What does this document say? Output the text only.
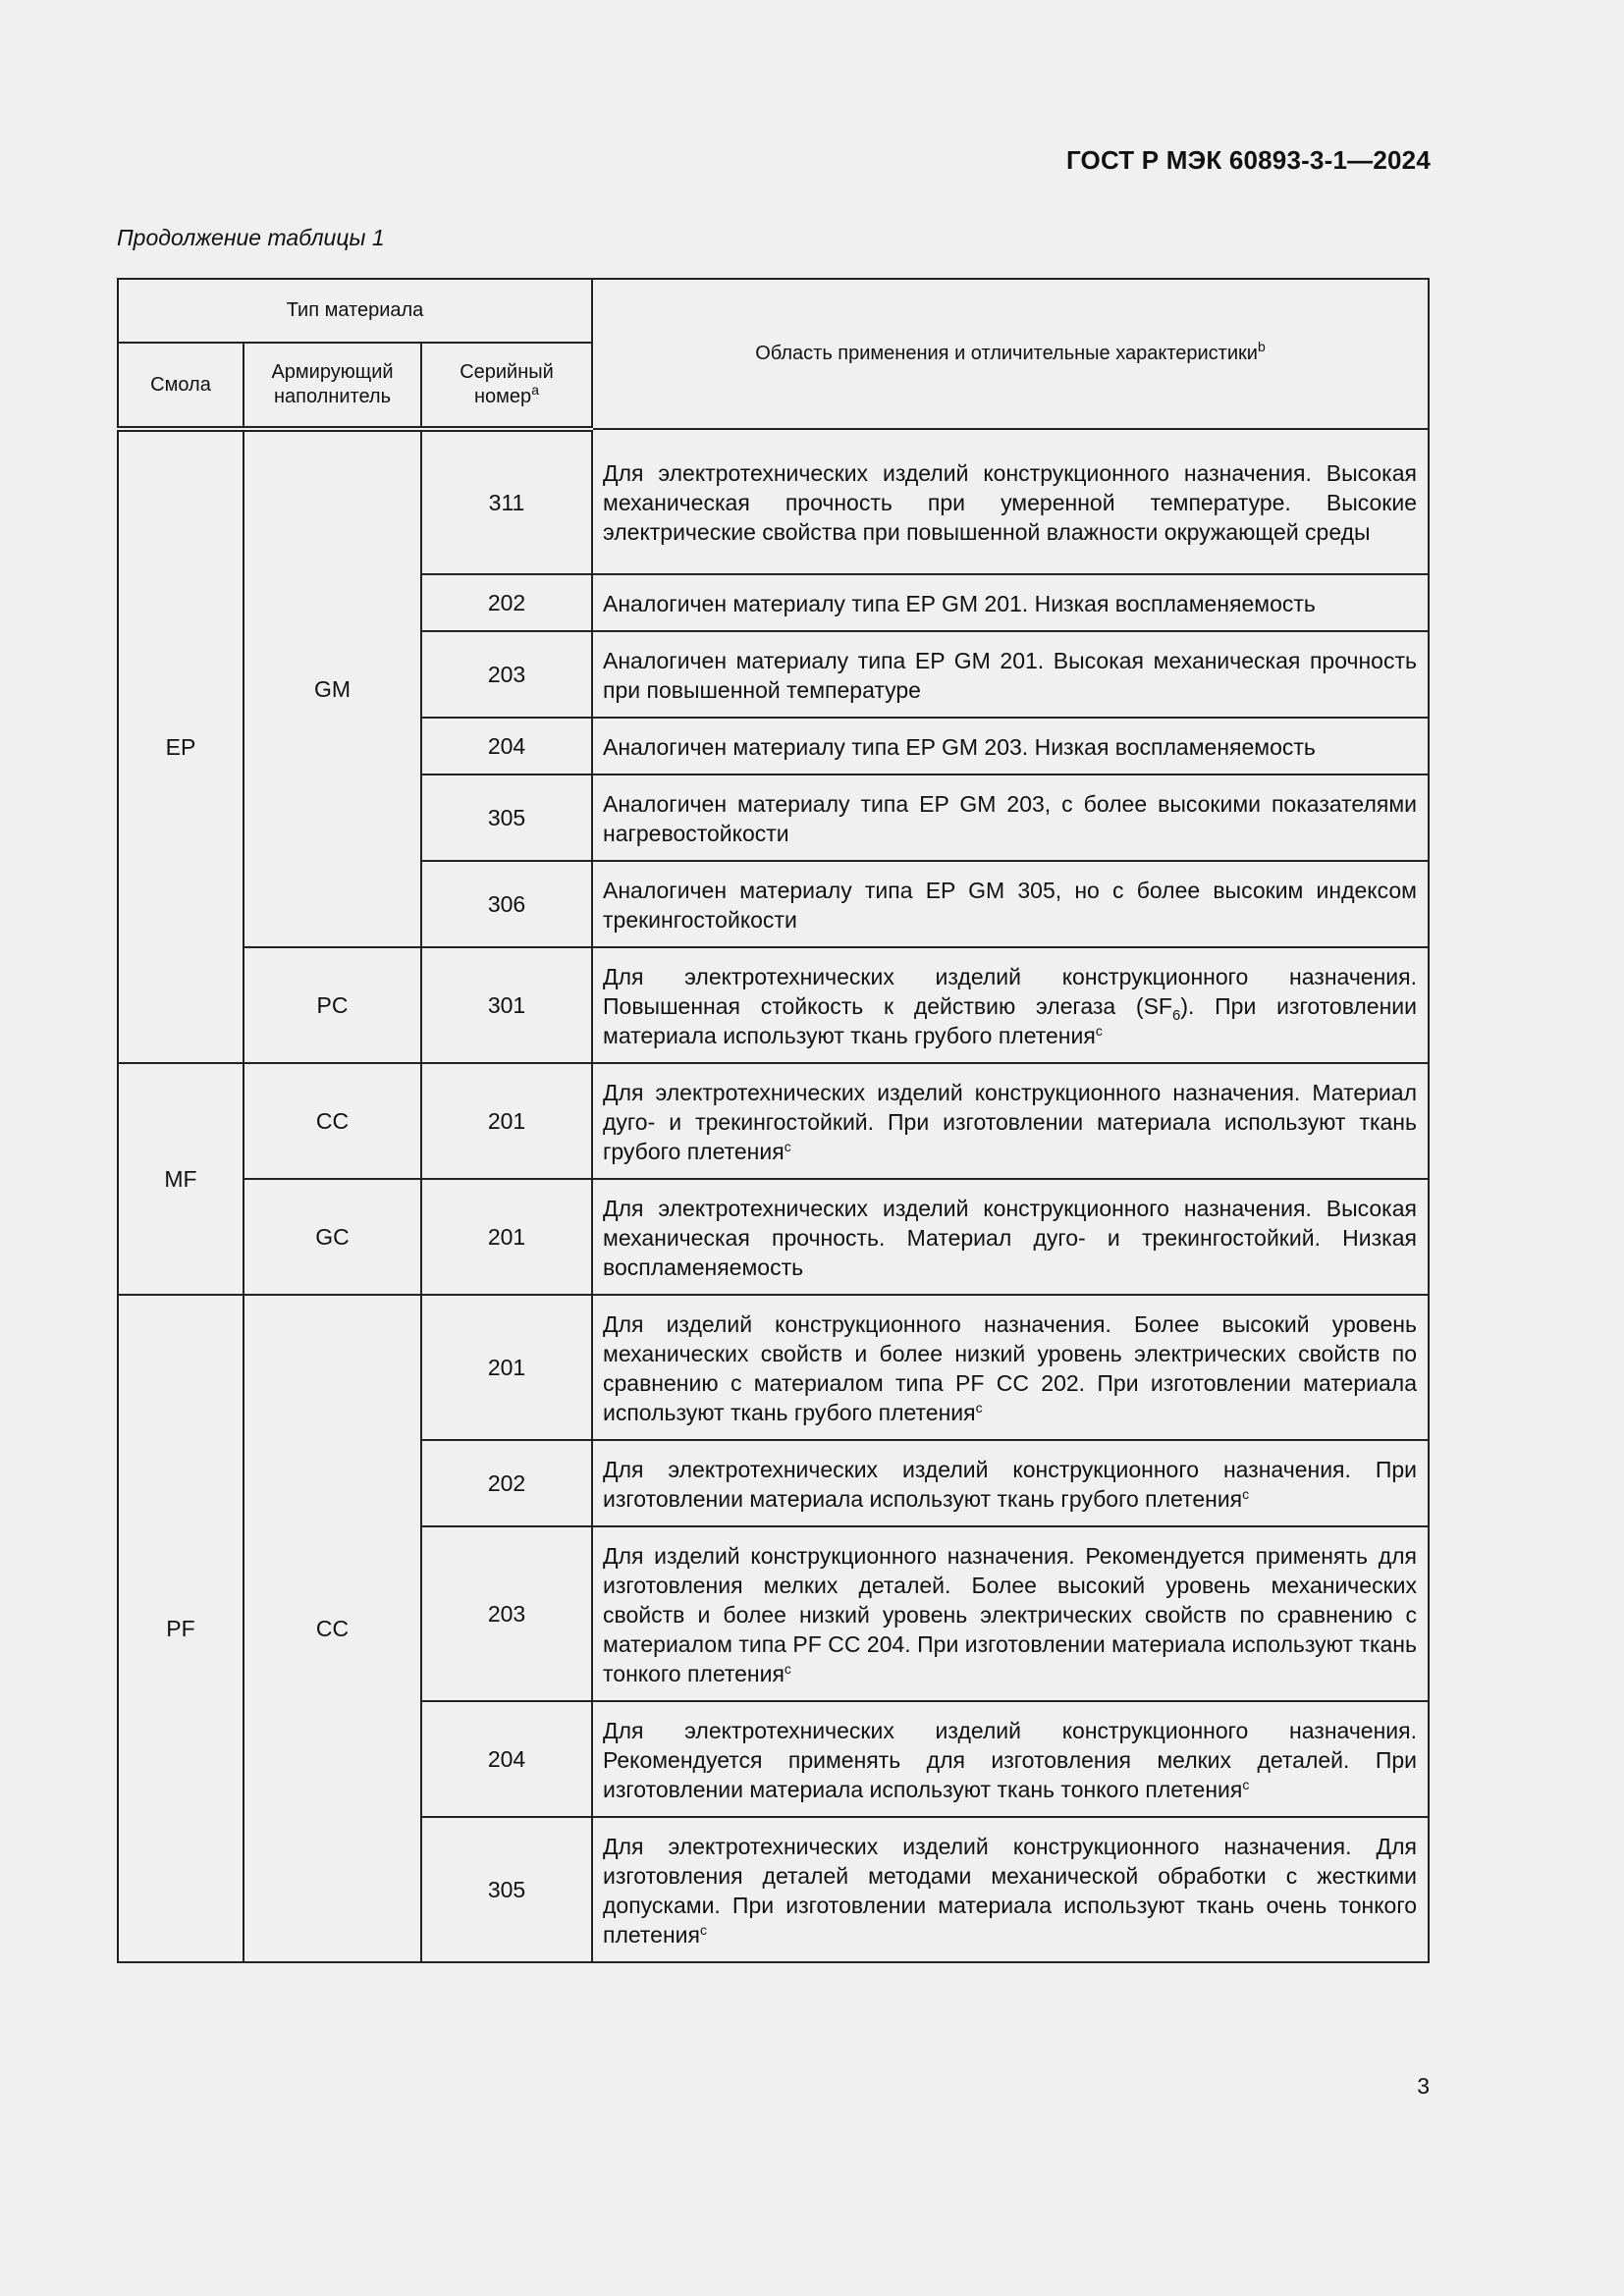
ГОСТ Р МЭК 60893-3-1—2024
Продолжение таблицы 1
Тип материала			Область применения и отличительные характеристики$^b$
Смола	Армирующий наполнитель	Серийный номер$^a$
EP	GM	311	Для электротехнических изделий конструкционного назначения. Высокая механическая прочность при умеренной температуре. Высокие электрические свойства при повышенной влажности окружающей среды
		202	Аналогичен материалу типа EP GM 201. Низкая воспламеняемость
		203	Аналогичен материалу типа EP GM 201. Высокая механическая прочность при повышенной температуре
		204	Аналогичен материалу типа EP GM 203. Низкая воспламеняемость
		305	Аналогичен материалу типа EP GM 203, с более высокими показателями нагревостойкости
		306	Аналогичен материалу типа EP GM 305, но с более высоким индексом трекингостойкости
	PC	301	Для электротехнических изделий конструкционного назначения. Повышенная стойкость к действию элегаза $(SF_6)$. При изготовлении материала используют ткань грубого плетения$^c$
MF	CC	201	Для электротехнических изделий конструкционного назначения. Материал дуго- и трекингостойкий. При изготовлении материала используют ткань грубого плетения$^c$
	GC	201	Для электротехнических изделий конструкционного назначения. Высокая механическая прочность. Материал дуго- и трекингостойкий. Низкая воспламеняемость
PF	CC	201	Для изделий конструкционного назначения. Более высокий уровень механических свойств и более низкий уровень электрических свойств по сравнению с материалом типа PF CC 202. При изготовлении материала используют ткань грубого плетения$^c$
		202	Для электротехнических изделий конструкционного назначения. При изготовлении материала используют ткань грубого плетения$^c$
		203	Для изделий конструкционного назначения. Рекомендуется применять для изготовления мелких деталей. Более высокий уровень механических свойств и более низкий уровень электрических свойств по сравнению с материалом типа PF CC 204. При изготовлении материала используют ткань тонкого плетения$^c$
		204	Для электротехнических изделий конструкционного назначения. Рекомендуется применять для изготовления мелких деталей. При изготовлении материала используют ткань тонкого плетения$^c$
		305	Для электротехнических изделий конструкционного назначения. Для изготовления деталей методами механической обработки с жесткими допусками. При изготовлении материала используют ткань очень тонкого плетения$^c$
3
